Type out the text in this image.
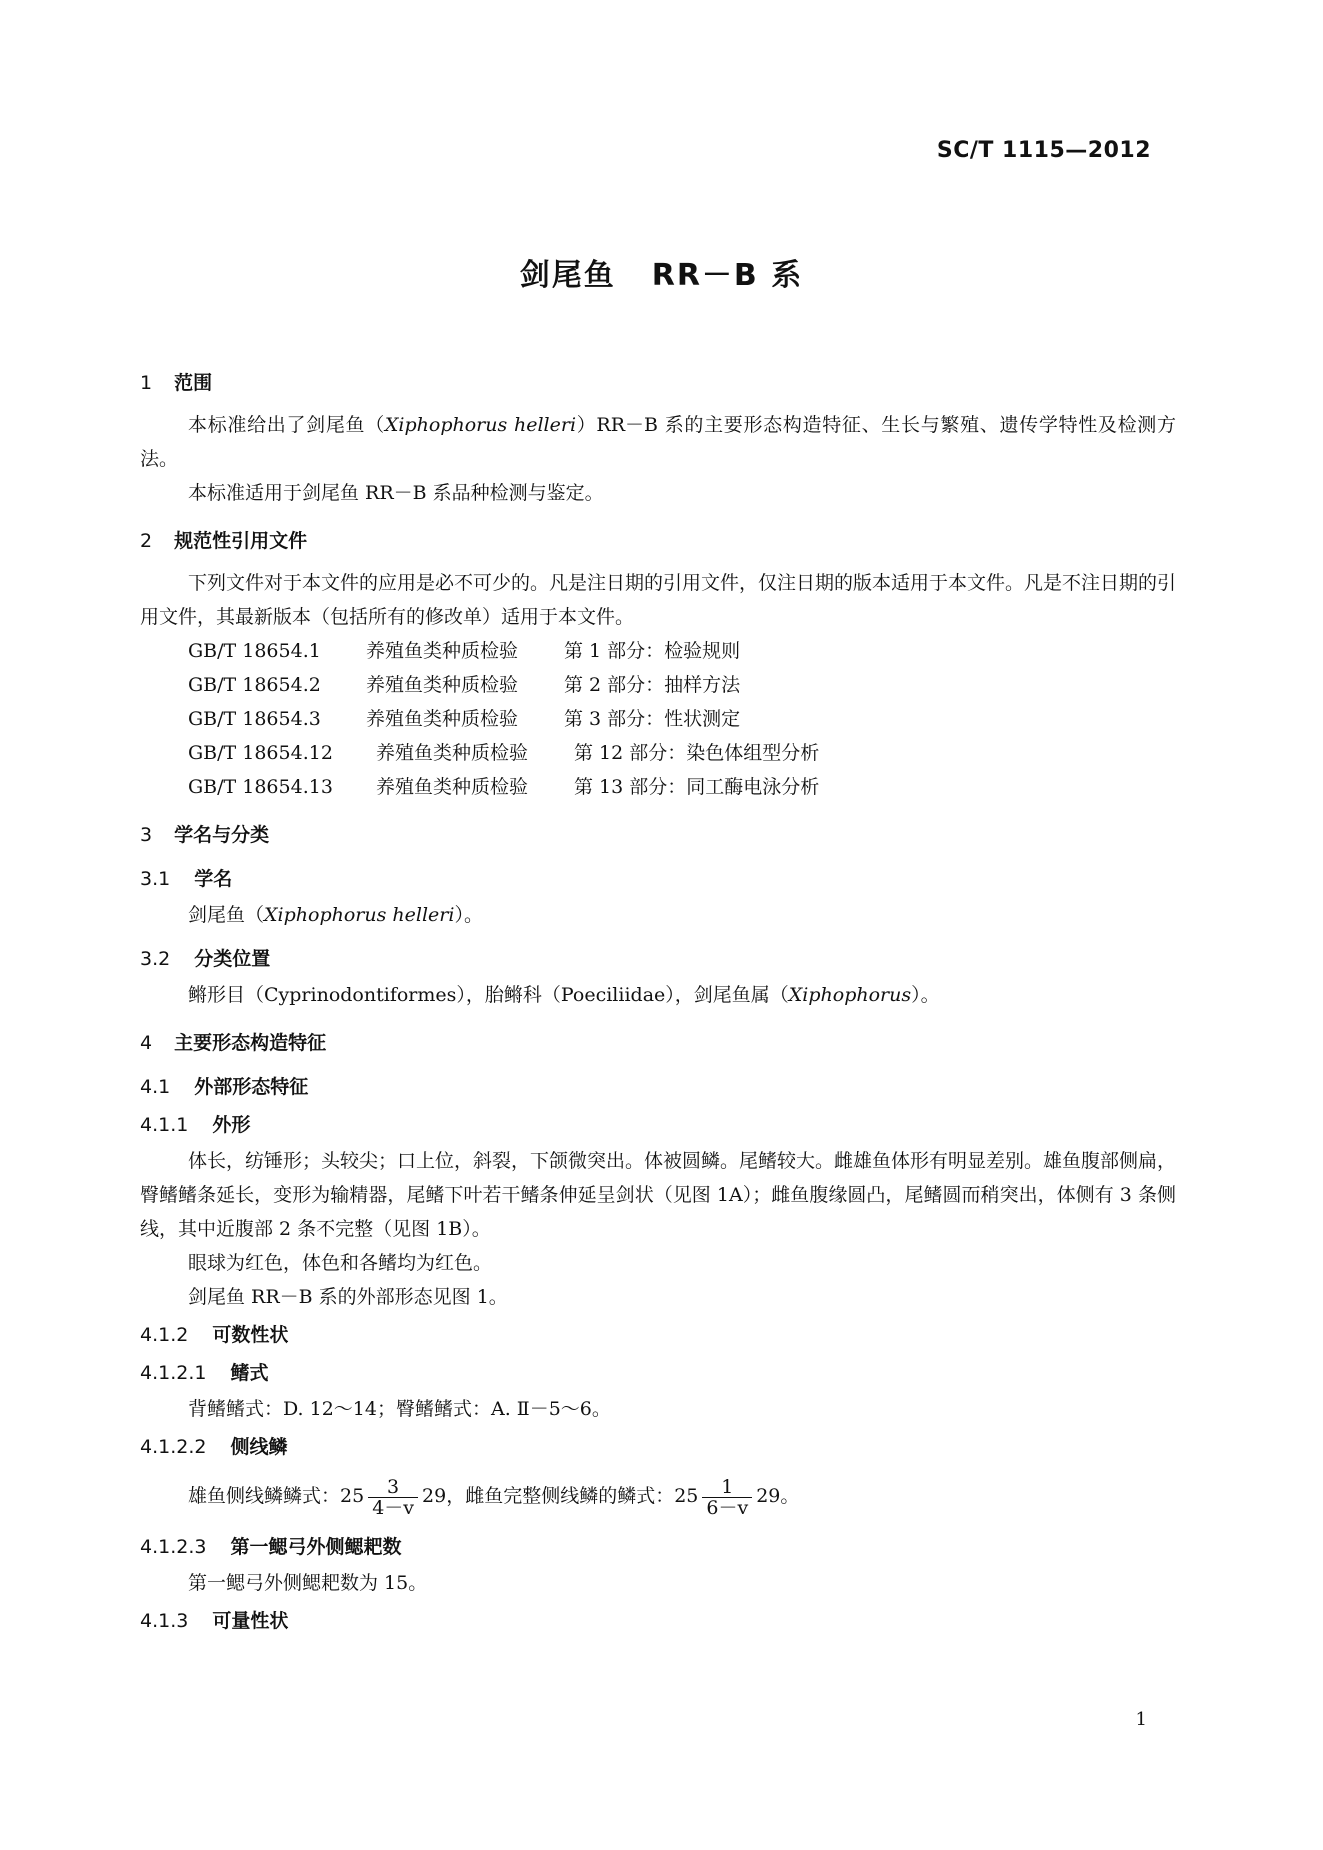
SC/T 1115—2012
剑尾鱼 RR－B 系
1 范围

本标准给出了剑尾鱼（Xiphophorus helleri）RR－B 系的主要形态构造特征、生长与繁殖、遗传学特性及检测方法。

本标准适用于剑尾鱼 RR－B 系品种检测与鉴定。

2 规范性引用文件

下列文件对于本文件的应用是必不可少的。凡是注日期的引用文件，仅注日期的版本适用于本文件。凡是不注日期的引用文件，其最新版本（包括所有的修改单）适用于本文件。

GB/T 18654.1 养殖鱼类种质检验 第 1 部分：检验规则
GB/T 18654.2 养殖鱼类种质检验 第 2 部分：抽样方法
GB/T 18654.3 养殖鱼类种质检验 第 3 部分：性状测定
GB/T 18654.12 养殖鱼类种质检验 第 12 部分：染色体组型分析
GB/T 18654.13 养殖鱼类种质检验 第 13 部分：同工酶电泳分析
3 学名与分类
3.1 学名

剑尾鱼（Xiphophorus helleri）。

3.2 分类位置

鳉形目（Cyprinodontiformes），胎鳉科（Poeciliidae），剑尾鱼属（Xiphophorus）。

4 主要形态构造特征
4.1 外部形态特征
4.1.1 外形

体长，纺锤形；头较尖；口上位，斜裂，下颌微突出。体被圆鳞。尾鳍较大。雌雄鱼体形有明显差别。雄鱼腹部侧扁，臀鳍鳍条延长，变形为输精器，尾鳍下叶若干鳍条伸延呈剑状（见图 1A）；雌鱼腹缘圆凸，尾鳍圆而稍突出，体侧有 3 条侧线，其中近腹部 2 条不完整（见图 1B）。

眼球为红色，体色和各鳍均为红色。

剑尾鱼 RR－B 系的外部形态见图 1。

4.1.2 可数性状
4.1.2.1 鳍式

背鳍鳍式：D. 12～14；臀鳍鳍式：A. Ⅱ－5～6。

4.1.2.2 侧线鳞

雄鱼侧线鳞鳞式：$25 \frac{3}{4-v} 29$，雌鱼完整侧线鳞的鳞式：$25 \frac{1}{6-v} 29$。

4.1.2.3 第一鳃弓外侧鳃耙数

第一鳃弓外侧鳃耙数为 15。

4.1.3 可量性状
1
